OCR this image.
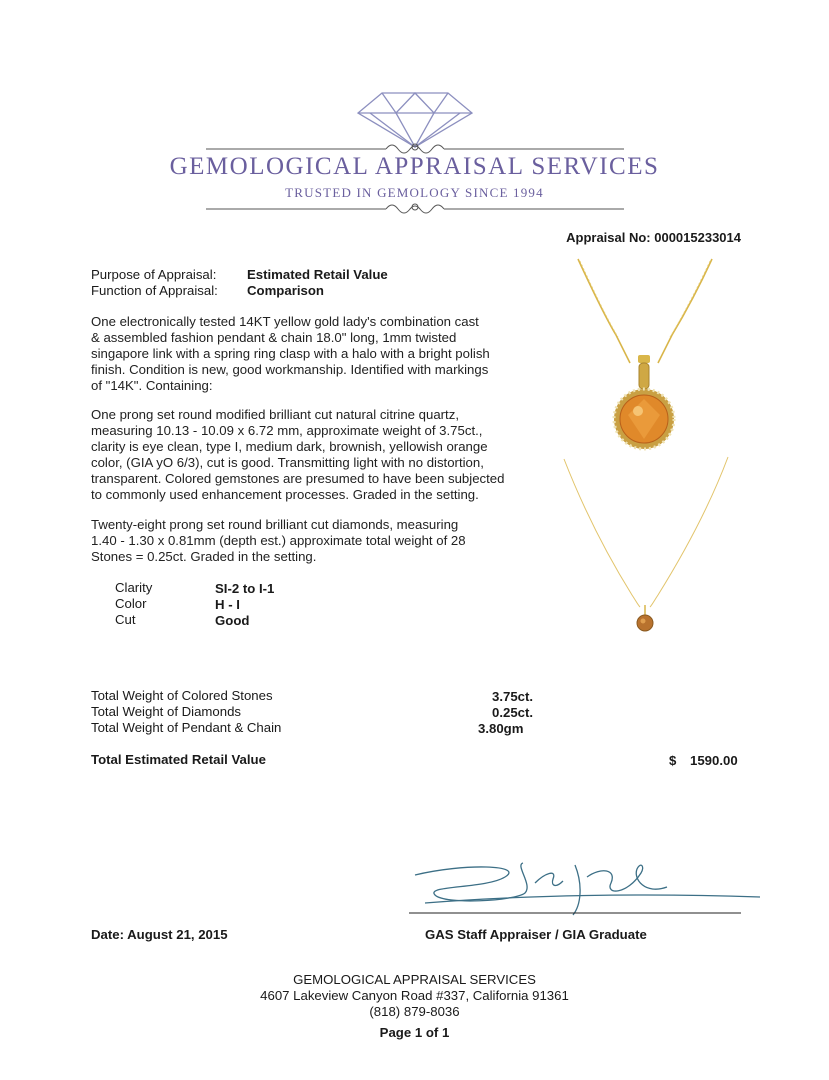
GEMOLOGICAL APPRAISAL SERVICES
TRUSTED IN GEMOLOGY SINCE 1994
Appraisal No: 000015233014
Purpose of Appraisal: Estimated Retail Value
Function of Appraisal: Comparison
One electronically tested 14KT yellow gold lady's combination cast
& assembled fashion pendant & chain 18.0" long, 1mm twisted
singapore link with a spring ring clasp with a halo with a bright polish
finish. Condition is new, good workmanship. Identified with markings
of "14K". Containing:
One prong set round modified brilliant cut natural citrine quartz,
measuring 10.13 - 10.09 x 6.72 mm, approximate weight of 3.75ct.,
clarity is eye clean, type I, medium dark, brownish, yellowish orange
color, (GIA yO 6/3), cut is good. Transmitting light with no distortion,
transparent. Colored gemstones are presumed to have been subjected
to commonly used enhancement processes. Graded in the setting.
Twenty-eight prong set round brilliant cut diamonds, measuring
1.40 - 1.30 x 0.81mm (depth est.) approximate total weight of 28
Stones = 0.25ct. Graded in the setting.
Clarity	SI-2 to I-1
Color	H - I
Cut	Good
Total Weight of Colored Stones	3.75ct.
Total Weight of Diamonds	0.25ct.
Total Weight of Pendant & Chain	3.80gm
Total Estimated Retail Value	$ 1590.00
Date: August 21, 2015	GAS Staff Appraiser / GIA Graduate
GEMOLOGICAL APPRAISAL SERVICES
4607 Lakeview Canyon Road #337, California 91361
(818) 879-8036
Page 1 of 1
